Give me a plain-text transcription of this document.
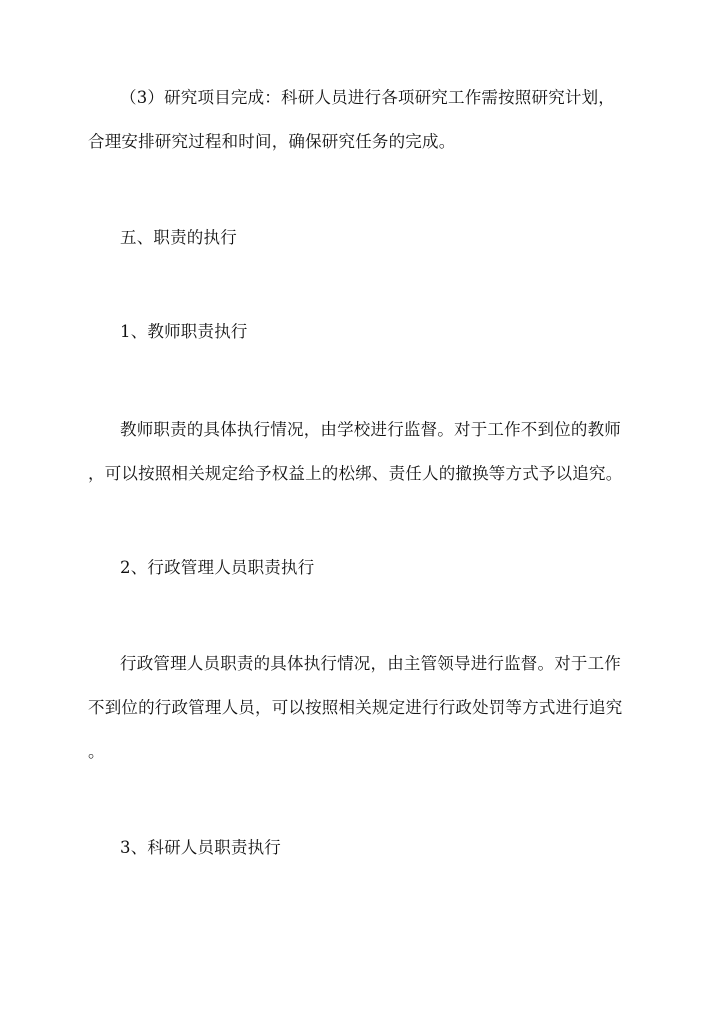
（3）研究项目完成：科研人员进行各项研究工作需按照研究计划，
合理安排研究过程和时间，确保研究任务的完成。
五、职责的执行
1、教师职责执行
教师职责的具体执行情况，由学校进行监督。对于工作不到位的教师
，可以按照相关规定给予权益上的松绑、责任人的撤换等方式予以追究。
2、行政管理人员职责执行
行政管理人员职责的具体执行情况，由主管领导进行监督。对于工作
不到位的行政管理人员，可以按照相关规定进行行政处罚等方式进行追究
。
3、科研人员职责执行
